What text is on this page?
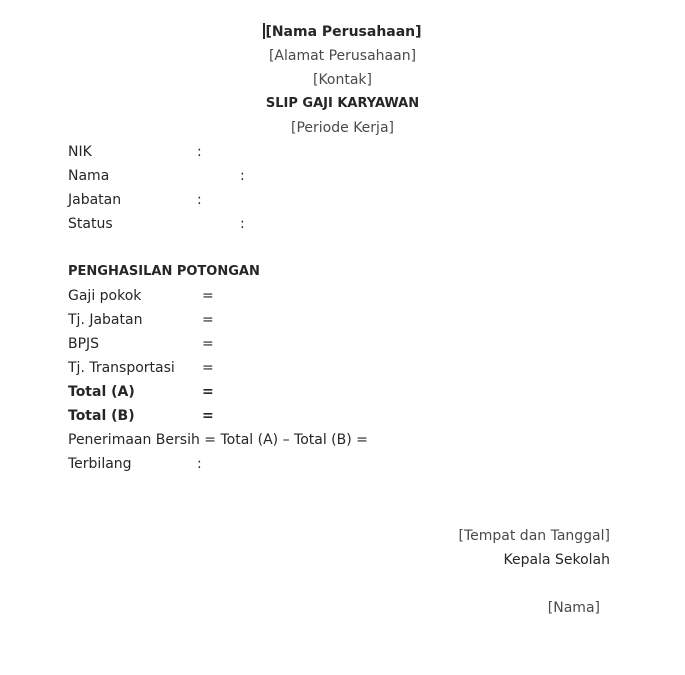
[Nama Perusahaan]
[Alamat Perusahaan]
[Kontak]
SLIP GAJI KARYAWAN
[Periode Kerja]
NIK	:
Nama	:
Jabatan	:
Status	:
PENGHASILAN POTONGAN
Gaji pokok	=
Tj. Jabatan	=
BPJS	=
Tj. Transportasi =
Total (A)	=
Total (B)	=
Penerimaan Bersih = Total (A) – Total (B) =
Terbilang	:
[Tempat dan Tanggal]
Kepala Sekolah
[Nama]
